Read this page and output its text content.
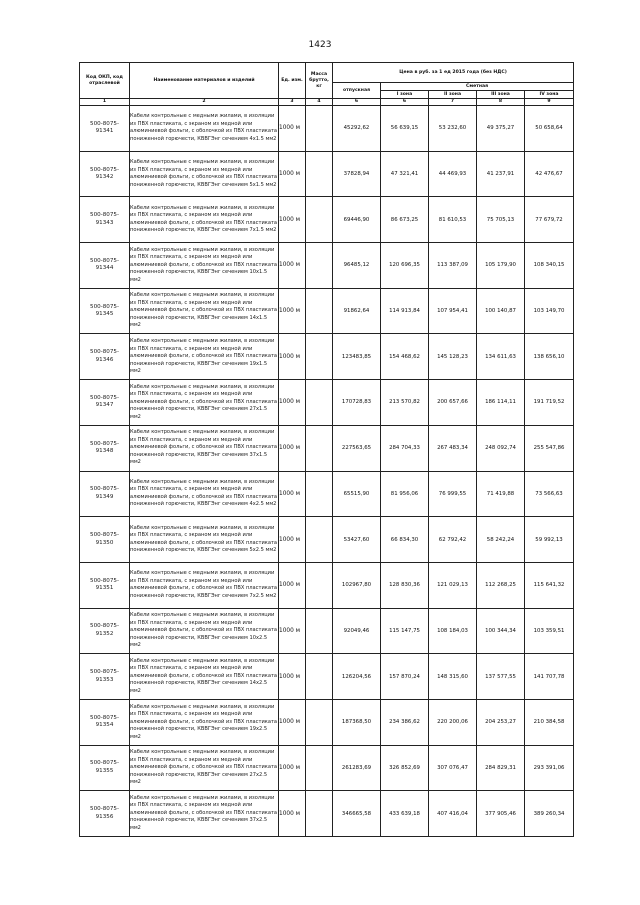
1423
Код ОКП, код отраслевой	Наименование материалов и изделий	Ед. изм.	Масса брутто, кг	Цена в руб. за 1 ед 2015 года (без НДС)				
				отпускная	Сметная			
					I зона	II зона	III зона	IV зона
1	2	3	4	6	6	7	8	9
500-8075-
91341	Кабели контрольные с медными жилами, в изоляции из ПВХ пластиката, с экраном из медной или алюминиевой фольги, с оболочкой из ПВХ пластиката пониженной горючести, КВВГЭнг сечением 4х1.5 мм2	1000 м		45292,62	56 639,15	53 232,60	49 375,27	50 658,64
500-8075-
91342	Кабели контрольные с медными жилами, в изоляции из ПВХ пластиката, с экраном из медной или алюминиевой фольги, с оболочкой из ПВХ пластиката пониженной горючести, КВВГЭнг сечением 5х1.5 мм2	1000 м		37828,94	47 321,41	44 469,93	41 237,91	42 476,67
500-8075-
91343	Кабели контрольные с медными жилами, в изоляции из ПВХ пластиката, с экраном из медной или алюминиевой фольги, с оболочкой из ПВХ пластиката пониженной горючести, КВВГЭнг сечением 7х1.5 мм2	1000 м		69446,90	86 673,25	81 610,53	75 705,13	77 679,72
500-8075-
91344	Кабели контрольные с медными жилами, в изоляции из ПВХ пластиката, с экраном из медной или алюминиевой фольги, с оболочкой из ПВХ пластиката пониженной горючести, КВВГЭнг сечением 10х1.5 мм2	1000 м		96485,12	120 696,35	113 387,09	105 179,90	108 340,15
500-8075-
91345	Кабели контрольные с медными жилами, в изоляции из ПВХ пластиката, с экраном из медной или алюминиевой фольги, с оболочкой из ПВХ пластиката пониженной горючести, КВВГЭнг сечением 14х1.5 мм2	1000 м		91862,64	114 913,84	107 954,41	100 140,87	103 149,70
500-8075-
91346	Кабели контрольные с медными жилами, в изоляции из ПВХ пластиката, с экраном из медной или алюминиевой фольги, с оболочкой из ПВХ пластиката пониженной горючести, КВВГЭнг сечением 19х1.5 мм2	1000 м		123483,85	154 468,62	145 128,23	134 611,63	138 656,10
500-8075-
91347	Кабели контрольные с медными жилами, в изоляции из ПВХ пластиката, с экраном из медной или алюминиевой фольги, с оболочкой из ПВХ пластиката пониженной горючести, КВВГЭнг сечением 27х1.5 мм2	1000 м		170728,83	213 570,82	200 657,66	186 114,11	191 719,52
500-8075-
91348	Кабели контрольные с медными жилами, в изоляции из ПВХ пластиката, с экраном из медной или алюминиевой фольги, с оболочкой из ПВХ пластиката пониженной горючести, КВВГЭнг сечением 37х1.5 мм2	1000 м		227563,65	284 704,33	267 483,34	248 092,74	255 547,86
500-8075-
91349	Кабели контрольные с медными жилами, в изоляции из ПВХ пластиката, с экраном из медной или алюминиевой фольги, с оболочкой из ПВХ пластиката пониженной горючести, КВВГЭнг сечением 4х2.5 мм2	1000 м		65515,90	81 956,06	76 999,55	71 419,88	73 566,63
500-8075-
91350	Кабели контрольные с медными жилами, в изоляции из ПВХ пластиката, с экраном из медной или алюминиевой фольги, с оболочкой из ПВХ пластиката пониженной горючести, КВВГЭнг сечением 5х2.5 мм2	1000 м		53427,60	66 834,30	62 792,42	58 242,24	59 992,13
500-8075-
91351	Кабели контрольные с медными жилами, в изоляции из ПВХ пластиката, с экраном из медной или алюминиевой фольги, с оболочкой из ПВХ пластиката пониженной горючести, КВВГЭнг сечением 7х2.5 мм2	1000 м		102967,80	128 830,36	121 029,13	112 268,25	115 641,32
500-8075-
91352	Кабели контрольные с медными жилами, в изоляции из ПВХ пластиката, с экраном из медной или алюминиевой фольги, с оболочкой из ПВХ пластиката пониженной горючести, КВВГЭнг сечением 10х2.5 мм2	1000 м		92049,46	115 147,75	108 184,03	100 344,34	103 359,51
500-8075-
91353	Кабели контрольные с медными жилами, в изоляции из ПВХ пластиката, с экраном из медной или алюминиевой фольги, с оболочкой из ПВХ пластиката пониженной горючести, КВВГЭнг сечением 14х2.5 мм2	1000 м		126204,56	157 870,24	148 315,60	137 577,55	141 707,78
500-8075-
91354	Кабели контрольные с медными жилами, в изоляции из ПВХ пластиката, с экраном из медной или алюминиевой фольги, с оболочкой из ПВХ пластиката пониженной горючести, КВВГЭнг сечением 19х2.5 мм2	1000 м		187368,50	234 386,62	220 200,06	204 253,27	210 384,58
500-8075-
91355	Кабели контрольные с медными жилами, в изоляции из ПВХ пластиката, с экраном из медной или алюминиевой фольги, с оболочкой из ПВХ пластиката пониженной горючести, КВВГЭнг сечением 27х2.5 мм2	1000 м		261283,69	326 852,69	307 076,47	284 829,31	293 391,06
500-8075-
91356	Кабели контрольные с медными жилами, в изоляции из ПВХ пластиката, с экраном из медной или алюминиевой фольги, с оболочкой из ПВХ пластиката пониженной горючести, КВВГЭнг сечением 37х2.5 мм2	1000 м		346665,58	433 639,18	407 416,04	377 905,46	389 260,34
